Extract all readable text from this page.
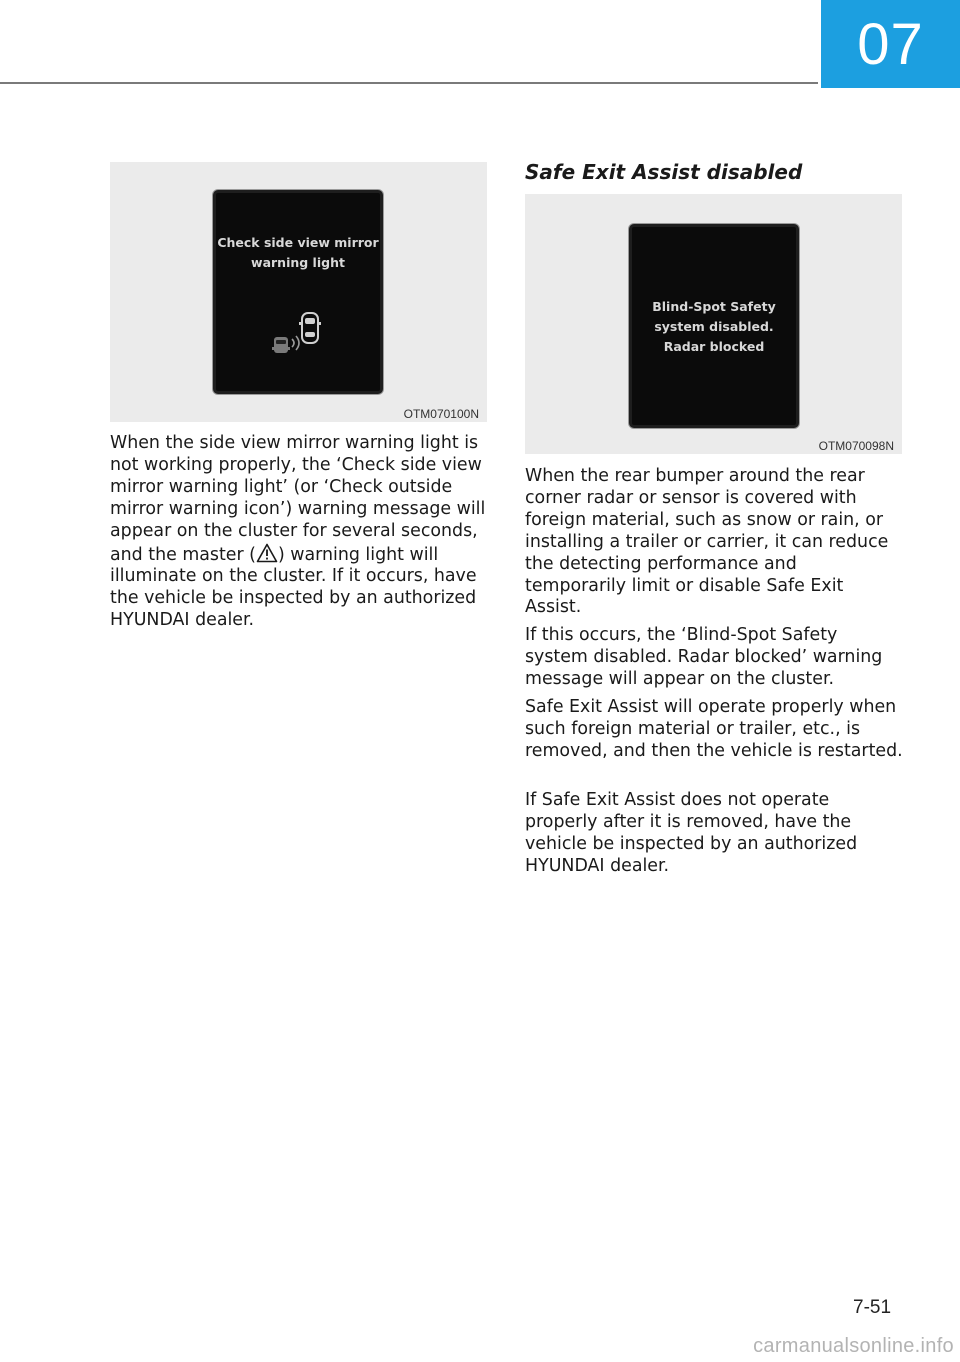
07
Check side view mirror
warning light
OTM070100N

When the side view mirror warning light is not working properly, the ‘Check side view mirror warning light’ (or ‘Check outside mirror warning icon’) warning message will appear on the cluster for several seconds, and the master ( ) warning light will illuminate on the cluster. If it occurs, have the vehicle be inspected by an authorized HYUNDAI dealer.

Safe Exit Assist disabled
Blind-Spot Safety
system disabled.
Radar blocked
OTM070098N

When the rear bumper around the rear corner radar or sensor is covered with foreign material, such as snow or rain, or installing a trailer or carrier, it can reduce the detecting performance and temporarily limit or disable Safe Exit Assist.

If this occurs, the ‘Blind-Spot Safety system disabled. Radar blocked’ warning message will appear on the cluster.

Safe Exit Assist will operate properly when such foreign material or trailer, etc., is removed, and then the vehicle is restarted.

If Safe Exit Assist does not operate properly after it is removed, have the vehicle be inspected by an authorized HYUNDAI dealer.

7-51
carmanualsonline.info
